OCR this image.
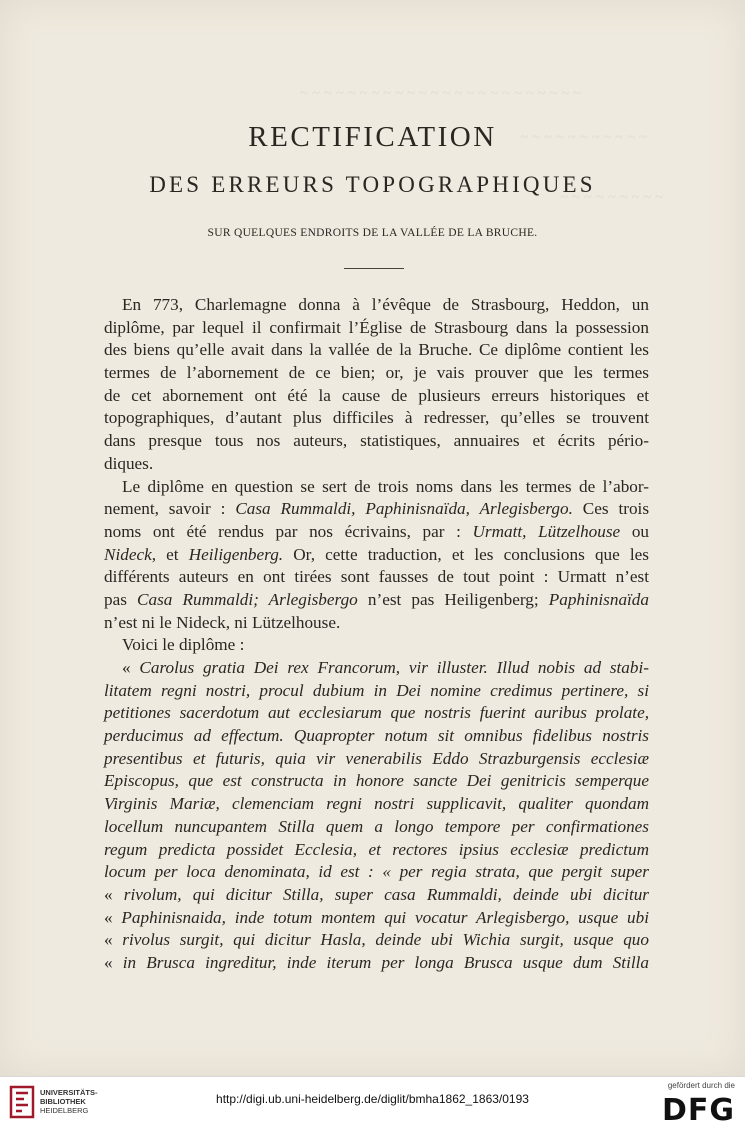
~ ~ ~ ~ ~ ~ ~ ~ ~ ~ ~ ~ ~ ~ ~ ~ ~ ~ ~ ~ ~ ~ ~ ~
~ ~ ~ ~ ~ ~ ~ ~ ~ ~ ~
~ ~ ~ ~ ~ ~ ~ ~ ~
RECTIFICATION
DES ERREURS TOPOGRAPHIQUES
SUR QUELQUES ENDROITS DE LA VALLÉE DE LA BRUCHE.
En 773, Charlemagne donna à l’évêque de Strasbourg, Heddon, un
diplôme, par lequel il confirmait l’Église de Strasbourg dans la possession
des biens qu’elle avait dans la vallée de la Bruche. Ce diplôme contient les
termes de l’abornement de ce bien; or, je vais prouver que les termes
de cet abornement ont été la cause de plusieurs erreurs historiques et
topographiques, d’autant plus difficiles à redresser, qu’elles se trouvent
dans presque tous nos auteurs, statistiques, annuaires et écrits pério-
diques.
Le diplôme en question se sert de trois noms dans les termes de l’abor-
nement, savoir : Casa Rummaldi, Paphinisnaïda, Arlegisbergo. Ces trois
noms ont été rendus par nos écrivains, par : Urmatt, Lützelhouse ou
Nideck, et Heiligenberg. Or, cette traduction, et les conclusions que les
différents auteurs en ont tirées sont fausses de tout point : Urmatt n’est
pas Casa Rummaldi; Arlegisbergo n’est pas Heiligenberg; Paphinisnaïda
n’est ni le Nideck, ni Lützelhouse.
Voici le diplôme :
« Carolus gratia Dei rex Francorum, vir illuster. Illud nobis ad stabi-
litatem regni nostri, procul dubium in Dei nomine credimus pertinere, si
petitiones sacerdotum aut ecclesiarum que nostris fuerint auribus prolate,
perducimus ad effectum. Quapropter notum sit omnibus fidelibus nostris
presentibus et futuris, quia vir venerabilis Eddo Strazburgensis ecclesiæ
Episcopus, que est constructa in honore sancte Dei genitricis semperque
Virginis Mariæ, clemenciam regni nostri supplicavit, qualiter quondam
locellum nuncupantem Stilla quem a longo tempore per confirmationes
regum predicta possidet Ecclesia, et rectores ipsius ecclesiæ predictum
locum per loca denominata, id est : « per regia strata, que pergit super
« rivolum, qui dicitur Stilla, super casa Rummaldi, deinde ubi dicitur
« Paphinisnaida, inde totum montem qui vocatur Arlegisbergo, usque ubi
« rivolus surgit, qui dicitur Hasla, deinde ubi Wichia surgit, usque quo
« in Brusca ingreditur, inde iterum per longa Brusca usque dum Stilla
UNIVERSITÄTS-
BIBLIOTHEK
HEIDELBERG
http://digi.ub.uni-heidelberg.de/diglit/bmha1862_1863/0193
gefördert durch die
DFG
